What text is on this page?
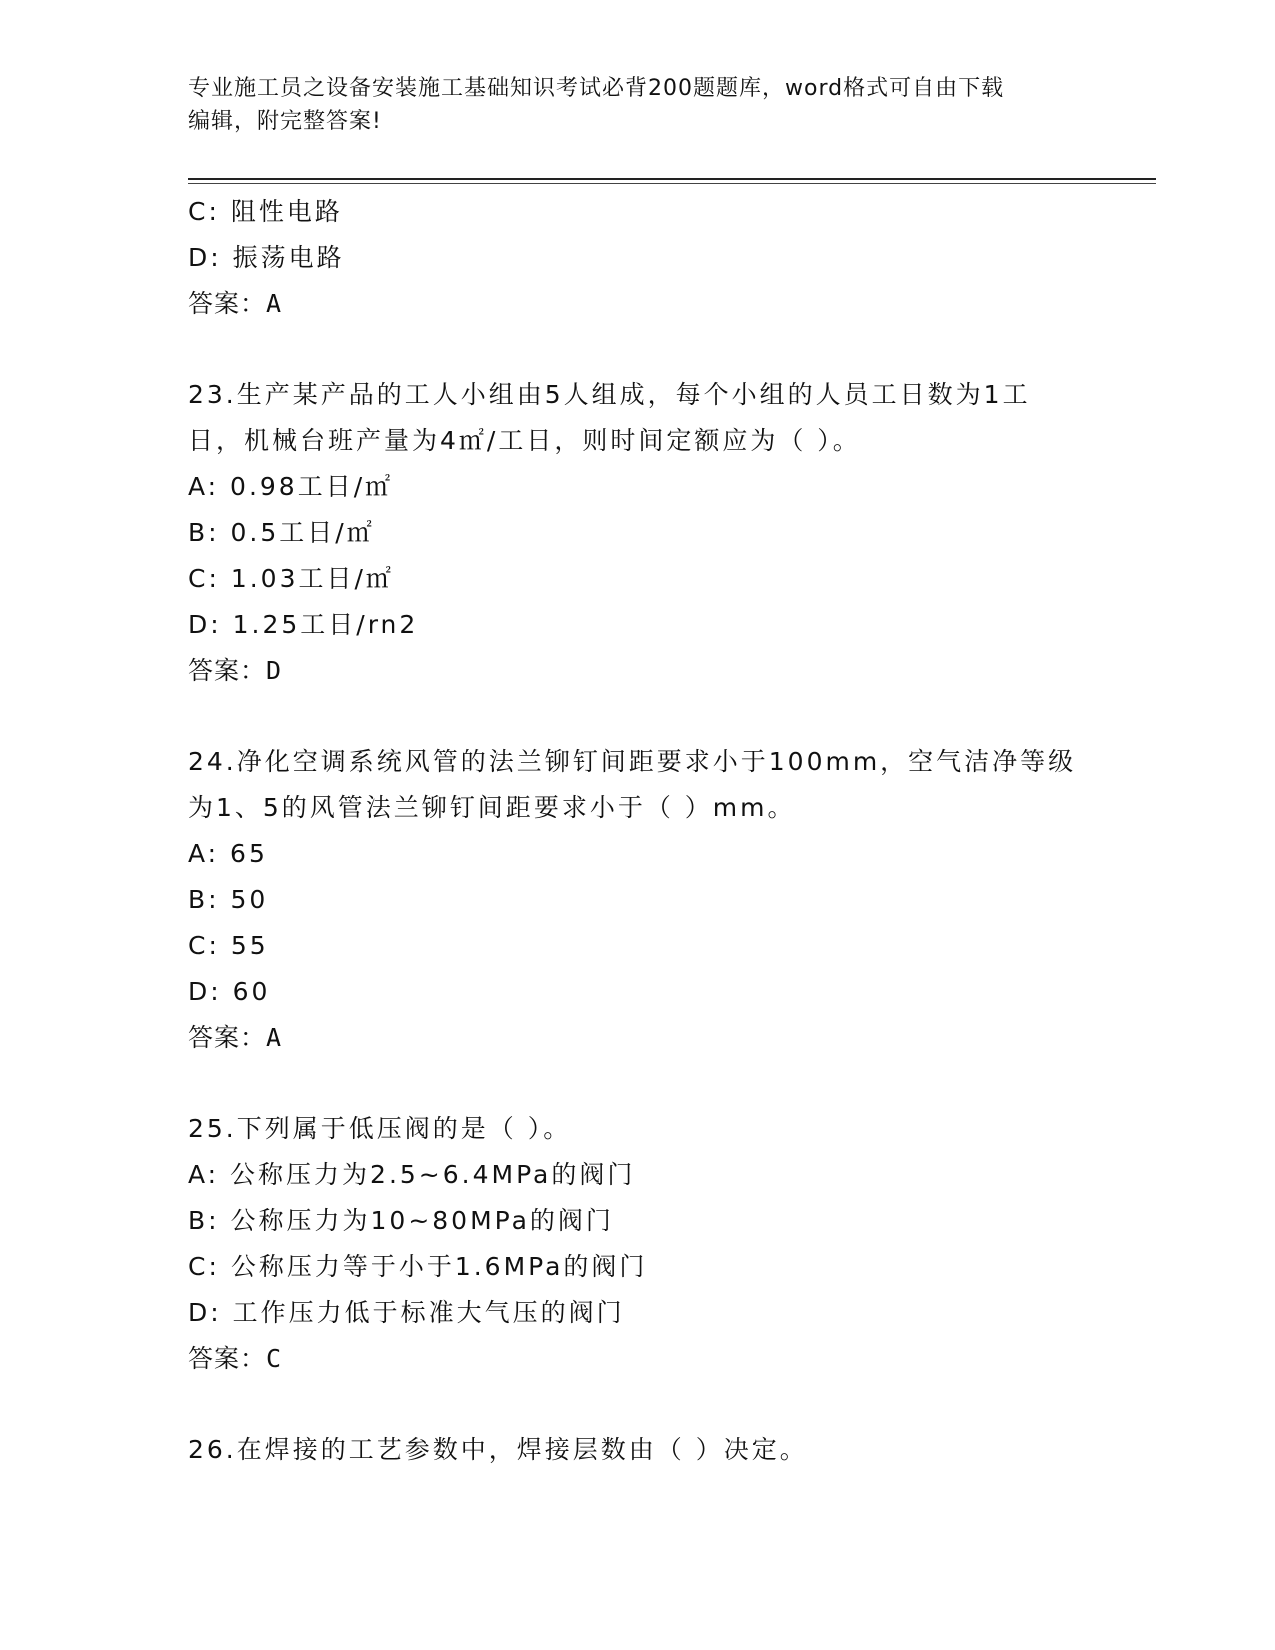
专业施工员之设备安装施工基础知识考试必背200题题库，word格式可自由下载
编辑，附完整答案!
C: 阻性电路
D: 振荡电路
答案：A
23.生产某产品的工人小组由5人组成，每个小组的人员工日数为1工
日，机械台班产量为4㎡/工日，则时间定额应为（ ）。
A: 0.98工日/㎡
B: 0.5工日/㎡
C: 1.03工日/㎡
D: 1.25工日/rn2
答案：D
24.净化空调系统风管的法兰铆钉间距要求小于100mm，空气洁净等级
为1、5的风管法兰铆钉间距要求小于（ ）mm。
A: 65
B: 50
C: 55
D: 60
答案：A
25.下列属于低压阀的是（ ）。
A: 公称压力为2.5~6.4MPa的阀门
B: 公称压力为10~80MPa的阀门
C: 公称压力等于小于1.6MPa的阀门
D: 工作压力低于标准大气压的阀门
答案：C
26.在焊接的工艺参数中，焊接层数由（ ）决定。
